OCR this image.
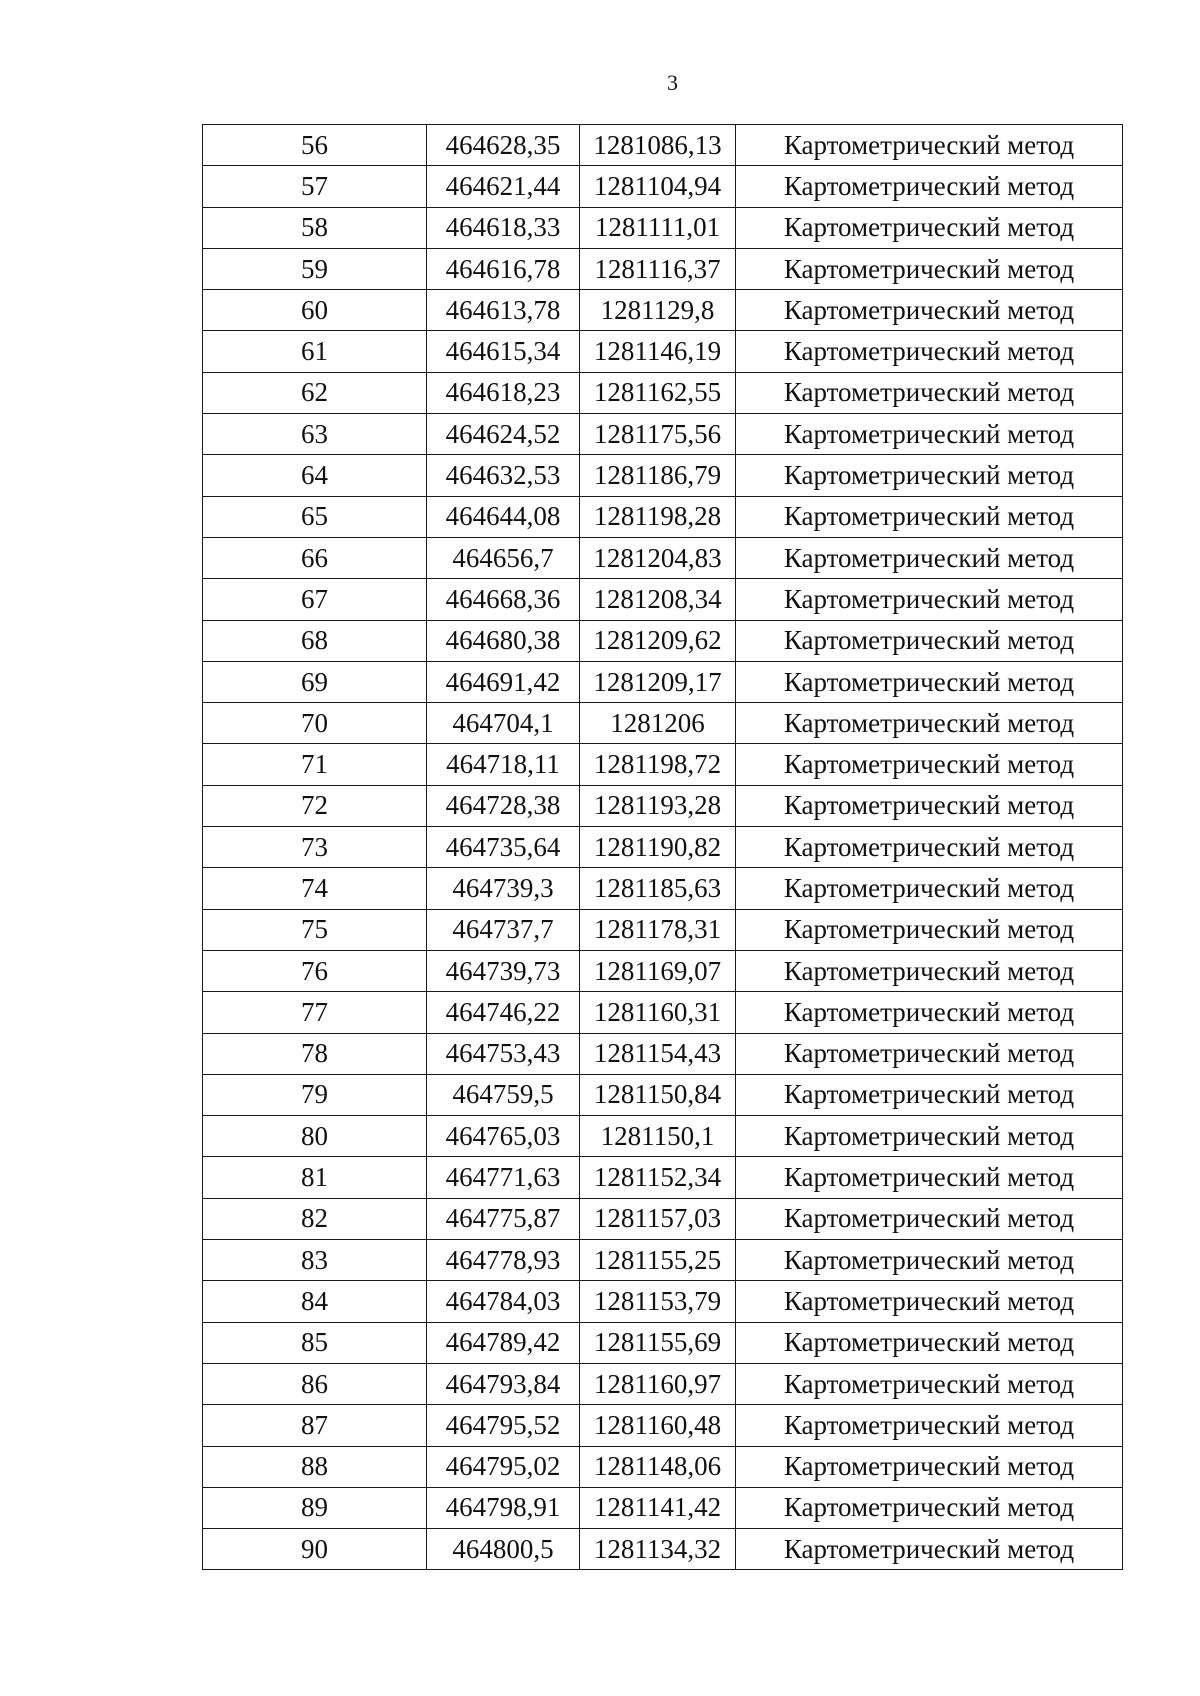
3
56	464628,35	1281086,13	Картометрический метод
57	464621,44	1281104,94	Картометрический метод
58	464618,33	1281111,01	Картометрический метод
59	464616,78	1281116,37	Картометрический метод
60	464613,78	1281129,8	Картометрический метод
61	464615,34	1281146,19	Картометрический метод
62	464618,23	1281162,55	Картометрический метод
63	464624,52	1281175,56	Картометрический метод
64	464632,53	1281186,79	Картометрический метод
65	464644,08	1281198,28	Картометрический метод
66	464656,7	1281204,83	Картометрический метод
67	464668,36	1281208,34	Картометрический метод
68	464680,38	1281209,62	Картометрический метод
69	464691,42	1281209,17	Картометрический метод
70	464704,1	1281206	Картометрический метод
71	464718,11	1281198,72	Картометрический метод
72	464728,38	1281193,28	Картометрический метод
73	464735,64	1281190,82	Картометрический метод
74	464739,3	1281185,63	Картометрический метод
75	464737,7	1281178,31	Картометрический метод
76	464739,73	1281169,07	Картометрический метод
77	464746,22	1281160,31	Картометрический метод
78	464753,43	1281154,43	Картометрический метод
79	464759,5	1281150,84	Картометрический метод
80	464765,03	1281150,1	Картометрический метод
81	464771,63	1281152,34	Картометрический метод
82	464775,87	1281157,03	Картометрический метод
83	464778,93	1281155,25	Картометрический метод
84	464784,03	1281153,79	Картометрический метод
85	464789,42	1281155,69	Картометрический метод
86	464793,84	1281160,97	Картометрический метод
87	464795,52	1281160,48	Картометрический метод
88	464795,02	1281148,06	Картометрический метод
89	464798,91	1281141,42	Картометрический метод
90	464800,5	1281134,32	Картометрический метод
